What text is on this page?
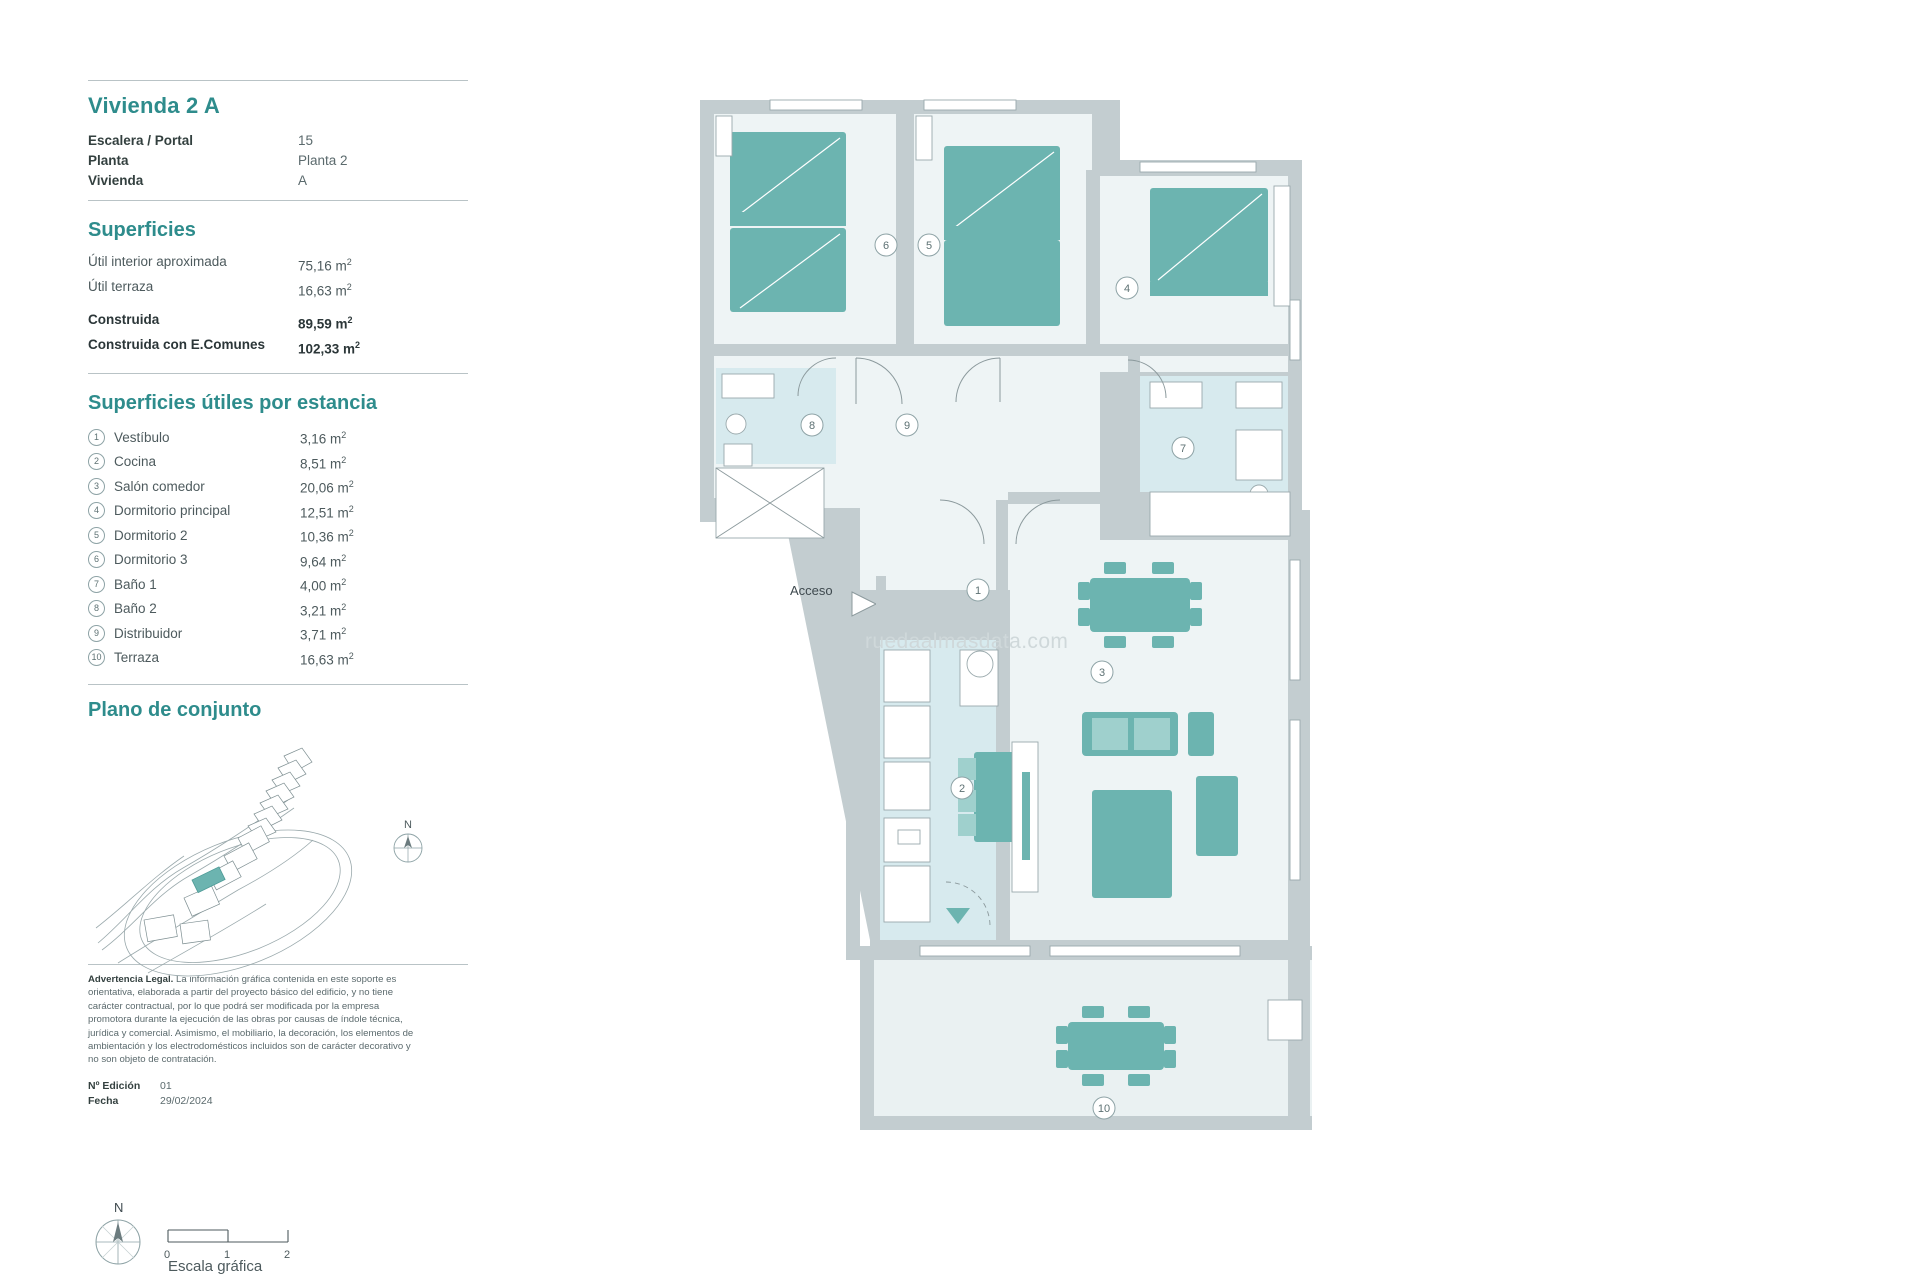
Vivienda 2 A
Escalera / Portal	15
Planta	Planta 2
Vivienda	A
Superficies
Útil interior aproximada	75,16 $m^2$
Útil terraza	16,63 $m^2$
Construida	89,59 $m^2$
Construida con E.Comunes	102,33 $m^2$
Superficies útiles por estancia
1	Vestíbulo	3,16 $m^2$
2	Cocina	8,51 $m^2$
3	Salón comedor	20,06 $m^2$
4	Dormitorio principal	12,51 $m^2$
5	Dormitorio 2	10,36 $m^2$
6	Dormitorio 3	9,64 $m^2$
7	Baño 1	4,00 $m^2$
8	Baño 2	3,21 $m^2$
9	Distribuidor	3,71 $m^2$
10 Terraza	16,63 $m^2$
Plano de conjunto
N
Advertencia Legal. La información gráfica contenida en este soporte es orientativa, elaborada a partir del proyecto básico del edificio, y no tiene carácter contractual, por lo que podrá ser modificada por la empresa promotora durante la ejecución de las obras por causas de índole técnica, jurídica y comercial. Asimismo, el mobiliario, la decoración, los elementos de ambientación y los electrodomésticos incluidos son de carácter decorativo y no son objeto de contratación.
Nº Edición	01
Fecha	29/02/2024
N
0	1	2
Escala gráfica
1
2
3
4
5
6
7
8	9
10
Acceso
ruedaalmasdata.com
